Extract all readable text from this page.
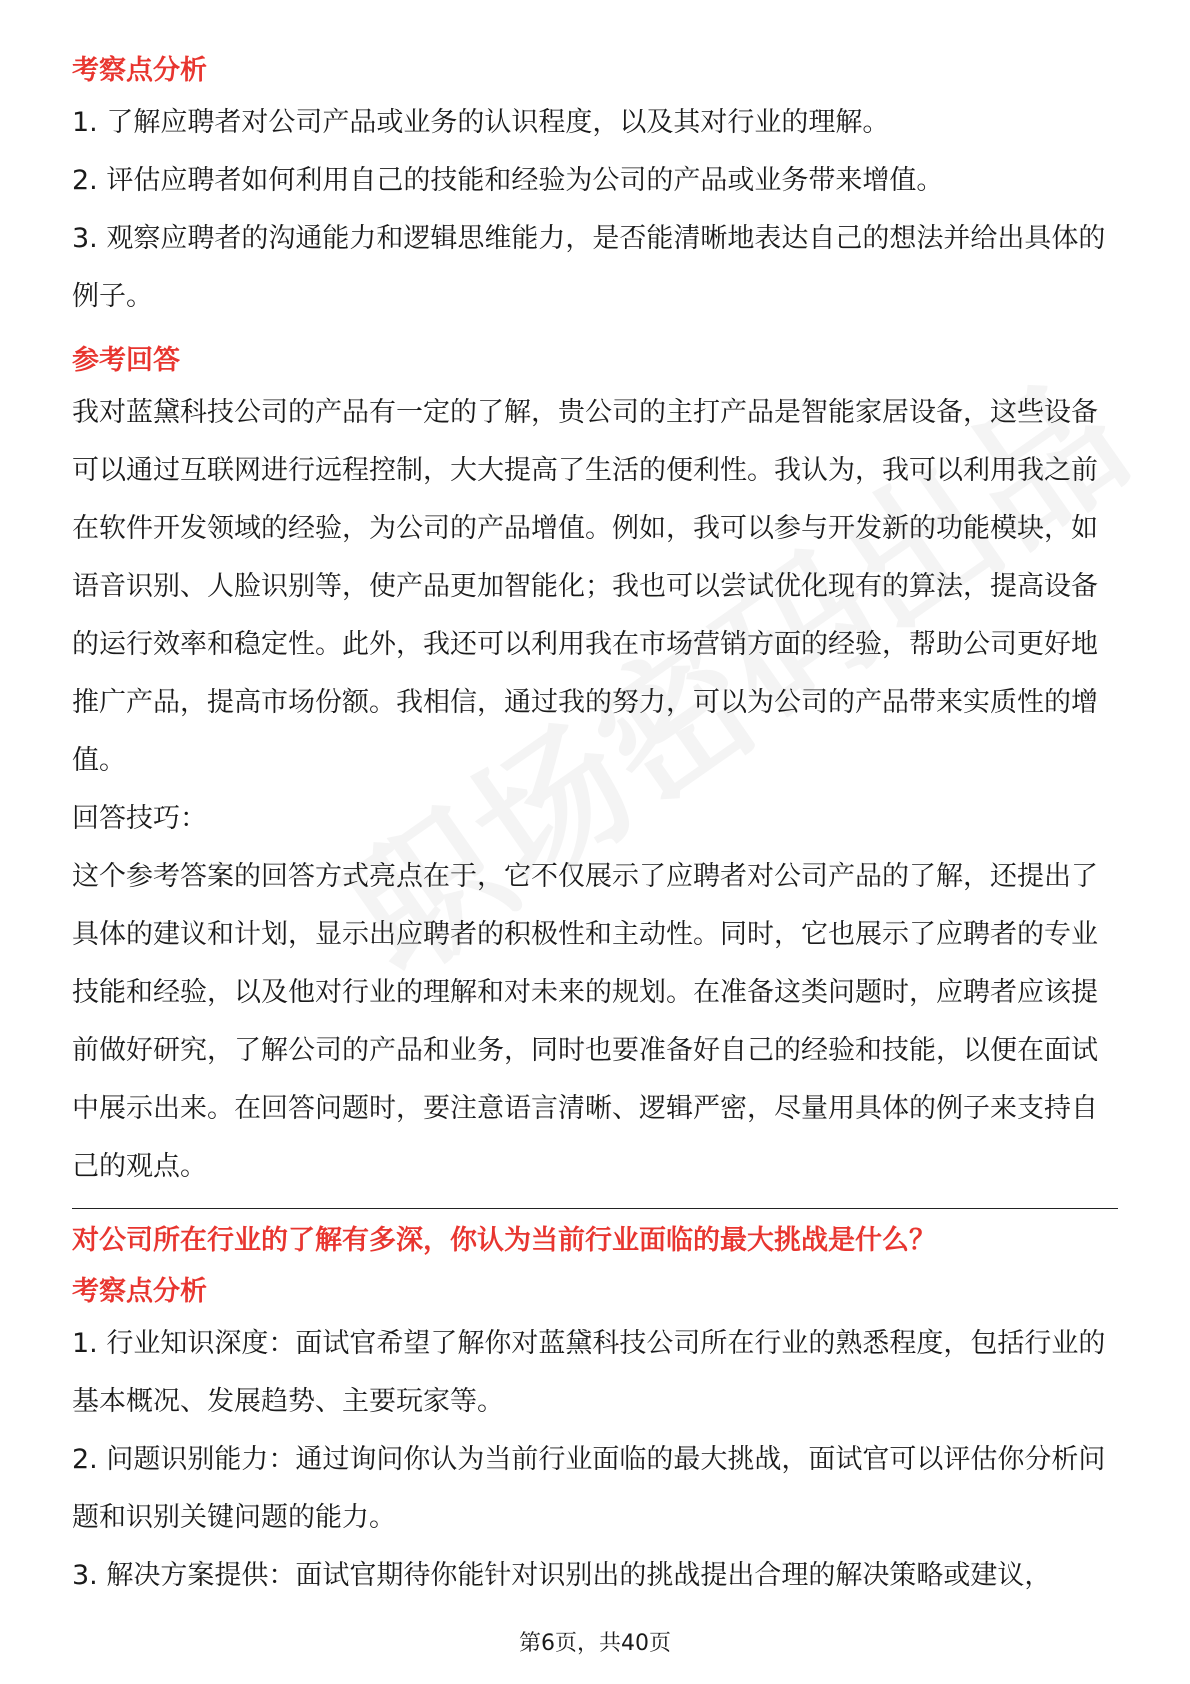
考察点分析

1. 了解应聘者对公司产品或业务的认识程度，以及其对行业的理解。

2. 评估应聘者如何利用自己的技能和经验为公司的产品或业务带来增值。

3. 观察应聘者的沟通能力和逻辑思维能力，是否能清晰地表达自己的想法并给出具体的例子。

参考回答

我对蓝黛科技公司的产品有一定的了解，贵公司的主打产品是智能家居设备，这些设备可以通过互联网进行远程控制，大大提高了生活的便利性。我认为，我可以利用我之前在软件开发领域的经验，为公司的产品增值。例如，我可以参与开发新的功能模块，如语音识别、人脸识别等，使产品更加智能化；我也可以尝试优化现有的算法，提高设备的运行效率和稳定性。此外，我还可以利用我在市场营销方面的经验，帮助公司更好地推广产品，提高市场份额。我相信，通过我的努力，可以为公司的产品带来实质性的增值。

回答技巧：

这个参考答案的回答方式亮点在于，它不仅展示了应聘者对公司产品的了解，还提出了具体的建议和计划，显示出应聘者的积极性和主动性。同时，它也展示了应聘者的专业技能和经验，以及他对行业的理解和对未来的规划。在准备这类问题时，应聘者应该提前做好研究，了解公司的产品和业务，同时也要准备好自己的经验和技能，以便在面试中展示出来。在回答问题时，要注意语言清晰、逻辑严密，尽量用具体的例子来支持自己的观点。

对公司所在行业的了解有多深，你认为当前行业面临的最大挑战是什么？

考察点分析

1. 行业知识深度：面试官希望了解你对蓝黛科技公司所在行业的熟悉程度，包括行业的基本概况、发展趋势、主要玩家等。

2. 问题识别能力：通过询问你认为当前行业面临的最大挑战，面试官可以评估你分析问题和识别关键问题的能力。

3. 解决方案提供：面试官期待你能针对识别出的挑战提出合理的解决策略或建议，

第6页，共40页
